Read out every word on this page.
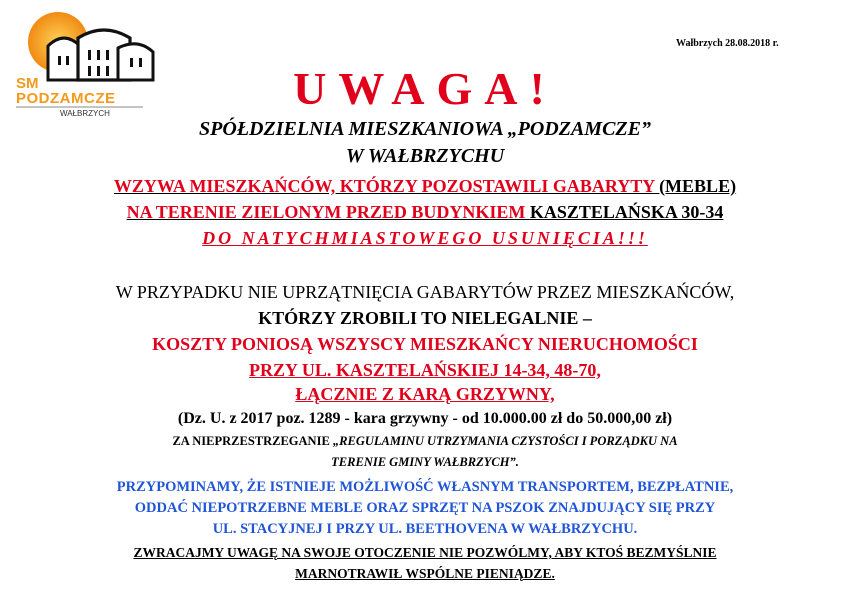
SM
PODZAMCZE
WAŁBRZYCH
Wałbrzych 28.08.2018 r.
UWAGA!
SPÓŁDZIELNIA MIESZKANIOWA „PODZAMCZE”
W WAŁBRZYCHU
WZYWA MIESZKAŃCÓW, KTÓRZY POZOSTAWILI GABARYTY (MEBLE)
NA TERENIE ZIELONYM PRZED BUDYNKIEM KASZTELAŃSKA 30-34
DO NATYCHMIASTOWEGO USUNIĘCIA!!!
W PRZYPADKU NIE UPRZĄTNIĘCIA GABARYTÓW PRZEZ MIESZKAŃCÓW,
KTÓRZY ZROBILI TO NIELEGALNIE –
KOSZTY PONIOSĄ WSZYSCY MIESZKAŃCY NIERUCHOMOŚCI
PRZY UL. KASZTELAŃSKIEJ 14-34, 48-70,
ŁĄCZNIE Z KARĄ GRZYWNY,
(Dz. U. z 2017 poz. 1289 - kara grzywny - od 10.000.00 zł do 50.000,00 zł)
ZA NIEPRZESTRZEGANIE „REGULAMINU UTRZYMANIA CZYSTOŚCI I PORZĄDKU NA
TERENIE GMINY WAŁBRZYCH”.
PRZYPOMINAMY, ŻE ISTNIEJE MOŻLIWOŚĆ WŁASNYM TRANSPORTEM, BEZPŁATNIE,
ODDAĆ NIEPOTRZEBNE MEBLE ORAZ SPRZĘT NA PSZOK ZNAJDUJĄCY SIĘ PRZY
UL. STACYJNEJ I PRZY UL. BEETHOVENA W WAŁBRZYCHU.
ZWRACAJMY UWAGĘ NA SWOJE OTOCZENIE NIE POZWÓLMY, ABY KTOŚ BEZMYŚLNIE
MARNOTRAWIŁ WSPÓLNE PIENIĄDZE.
